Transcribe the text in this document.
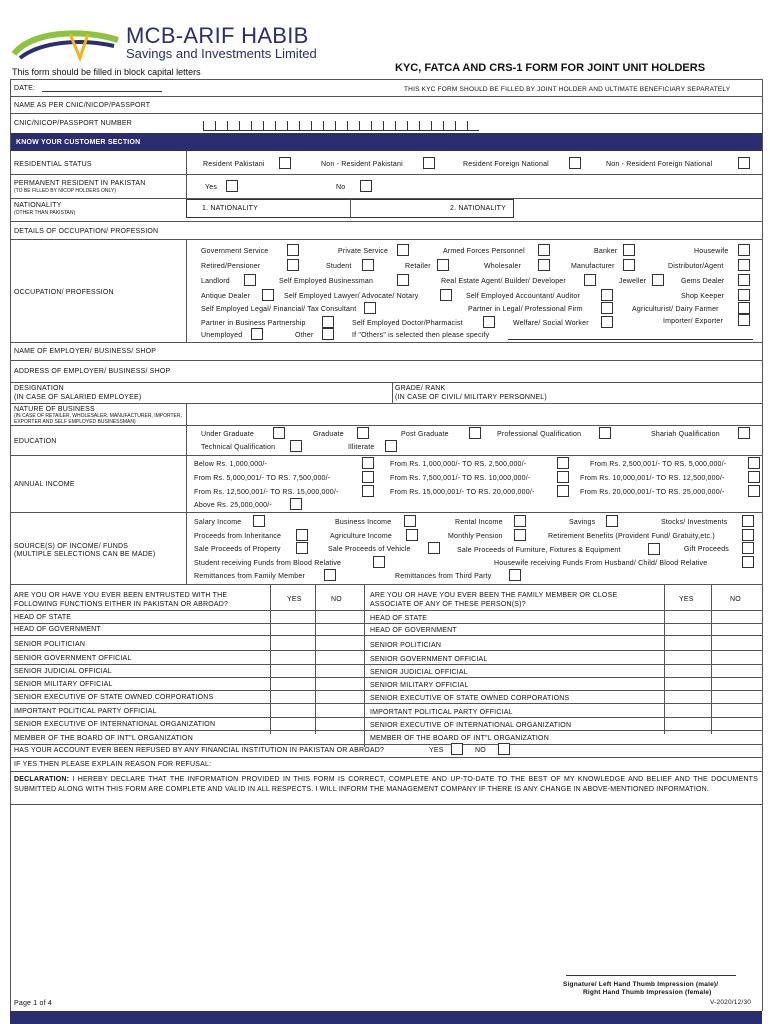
MCB-ARIF HABIB
Savings and Investments Limited
This form should be filled in block capital letters	KYC, FATCA AND CRS-1 FORM FOR JOINT UNIT HOLDERS
DATE:	THIS KYC FORM SHOULD BE FILLED BY JOINT HOLDER AND ULTIMATE BENEFICIARY SEPARATELY
NAME AS PER CNIC/NICOP/PASSPORT
CNIC/NICOP/PASSPORT NUMBER
KNOW YOUR CUSTOMER SECTION
RESIDENTIAL STATUS	Resident Pakistani	Non - Resident Pakistani	Resident Foreign National	Non - Resident Foreign National
PERMANENT RESIDENT IN PAKISTAN
(TO BE FILLED BY NICOP HOLDERS ONLY)	Yes	No
NATIONALITY
(OTHER THAN PAKISTAN)
1. NATIONALITY	2. NATIONALITY
DETAILS OF OCCUPATION/ PROFESSION
OCCUPATION/ PROFESSION
Government Service	Private Service	Armed Forces Personnel	Banker	Housewife
Retired/Pensioner	Student	Retailer	Wholesaler	Manufacturer	Distributor/Agent
Landlord	Self Employed Businessman	Real Estate Agent/ Builder/ Developer	Jeweller	Gems Dealer
Antique Dealer	Self Employed Lawyer/ Advocate/ Notary	Self Employed Accountant/ Auditor	Shop Keeper
Self Employed Legal/ Financial/ Tax Consultant	Partner in Legal/ Professional Firm	Agriculturist/ Dairy Farmer
Partner in Business Partnership	Self Employed Doctor/Pharmacist	Welfare/ Social Worker	Importer/ Exporter
Unemployed	Other	If "Others" is selected then please specify
NAME OF EMPLOYER/ BUSINESS/ SHOP
ADDRESS OF EMPLOYER/ BUSINESS/ SHOP
DESIGNATION
(IN CASE OF SALARIED EMPLOYEE)
GRADE/ RANK
(IN CASE OF CIVIL/ MILITARY PERSONNEL)
NATURE OF BUSINESS
(IN CASE OF RETAILER, WHOLESALER, MANUFACTURER, IMPORTER, EXPORTER AND SELF EMPLOYED BUSINESSMAN)
EDUCATION
Under Graduate	Graduate	Post Graduate	Professional Qualification	Shariah Qualification
Technical Qualification	Illiterate
ANNUAL INCOME
Below Rs. 1,000,000/-	From Rs. 1,000,000/- TO RS. 2,500,000/-	From Rs. 2,500,001/- TO RS. 5,000,000/-
From Rs. 5,000,001/- TO RS. 7,500,000/-	From Rs. 7,500,001/- TO RS. 10,000,000/-	From Rs. 10,000,001/- TO RS. 12,500,000/-
From Rs. 12,500,001/- TO RS. 15,000,000/-	From Rs. 15,000,001/- TO RS. 20,000,000/-	From Rs. 20,000,001/- TO RS. 25,000,000/-
Above Rs. 25,000,000/-
SOURCE(S) OF INCOME/ FUNDS
(MULTIPLE SELECTIONS CAN BE MADE)
Salary Income	Business Income	Rental Income	Savings	Stocks/ Investments
Proceeds from Inheritance	Agriculture Income	Monthly Pension	Retirement Benefits (Provident Fund/ Gratuity,etc.)
Sale Proceeds of Property	Sale Proceeds of Vehicle	Sale Proceeds of Furniture, Fixtures & Equipment	Gift Proceeds
Student receiving Funds from Blood Relative	Housewife receiving Funds From Husband/ Child/ Blood Relative
Remittances from Family Member	Remittances from Third Party
ARE YOU OR HAVE YOU EVER BEEN ENTRUSTED WITH THE FOLLOWING FUNCTIONS EITHER IN PAKISTAN OR ABROAD?
YES	NO
ARE YOU OR HAVE YOU EVER BEEN THE FAMILY MEMBER OR CLOSE ASSOCIATE OF ANY OF THESE PERSON(S)?
YES	NO
HEAD OF STATE	HEAD OF STATE
HEAD OF GOVERNMENT	HEAD OF GOVERNMENT
SENIOR POLITICIAN	SENIOR POLITICIAN
SENIOR GOVERNMENT OFFICIAL	SENIOR GOVERNMENT OFFICIAL
SENIOR JUDICIAL OFFICIAL	SENIOR JUDICIAL OFFICIAL
SENIOR MILITARY OFFICIAL	SENIOR MILITARY OFFICIAL
SENIOR EXECUTIVE OF STATE OWNED CORPORATIONS	SENIOR EXECUTIVE OF STATE OWNED CORPORATIONS
IMPORTANT POLITICAL PARTY OFFICIAL	IMPORTANT POLITICAL PARTY OFFICIAL
SENIOR EXECUTIVE OF INTERNATIONAL ORGANIZATION	SENIOR EXECUTIVE OF INTERNATIONAL ORGANIZATION
MEMBER OF THE BOARD OF INT"L ORGANIZATION	MEMBER OF THE BOARD OF INT"L ORGANIZATION
HAS YOUR ACCOUNT EVER BEEN REFUSED BY ANY FINANCIAL INSTITUTION IN PAKISTAN OR ABROAD?	YES	NO
IF YES THEN PLEASE EXPLAIN REASON FOR REFUSAL:
DECLARATION: I HEREBY DECLARE THAT THE INFORMATION PROVIDED IN THIS FORM IS CORRECT, COMPLETE AND UP-TO-DATE TO THE BEST OF MY KNOWLEDGE AND BELIEF AND THE DOCUMENTS SUBMITTED ALONG WITH THIS FORM ARE COMPLETE AND VALID IN ALL RESPECTS. I WILL INFORM THE MANAGEMENT COMPANY IF THERE IS ANY CHANGE IN ABOVE-MENTIONED INFORMATION.
Signature/ Left Hand Thumb Impression (male)/
Right Hand Thumb Impression (female)
Page 1 of 4	V-2020/12/30
